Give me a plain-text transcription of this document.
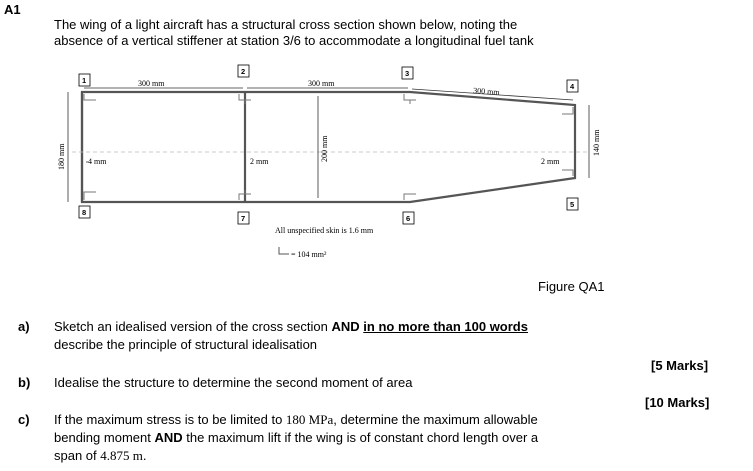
A1
The wing of a light aircraft has a structural cross section shown below, noting the
absence of a vertical stiffener at station 3/6 to accommodate a longitudinal fuel tank
300 mm	300 mm
300 mm
180 mm	200 mm	140 mm
4 mm	2 mm	2 mm
1
2	3
4
5
6
7
8
All unspecified skin is 1.6 mm
= 104 mm²
Figure QA1
a) Sketch an idealised version of the cross section AND in no more than 100 words
describe the principle of structural idealisation
[5 Marks]
b) Idealise the structure to determine the second moment of area
[10 Marks]
c) If the maximum stress is to be limited to 180 MPa, determine the maximum allowable
bending moment AND the maximum lift if the wing is of constant chord length over a
span of 4.875 m.
